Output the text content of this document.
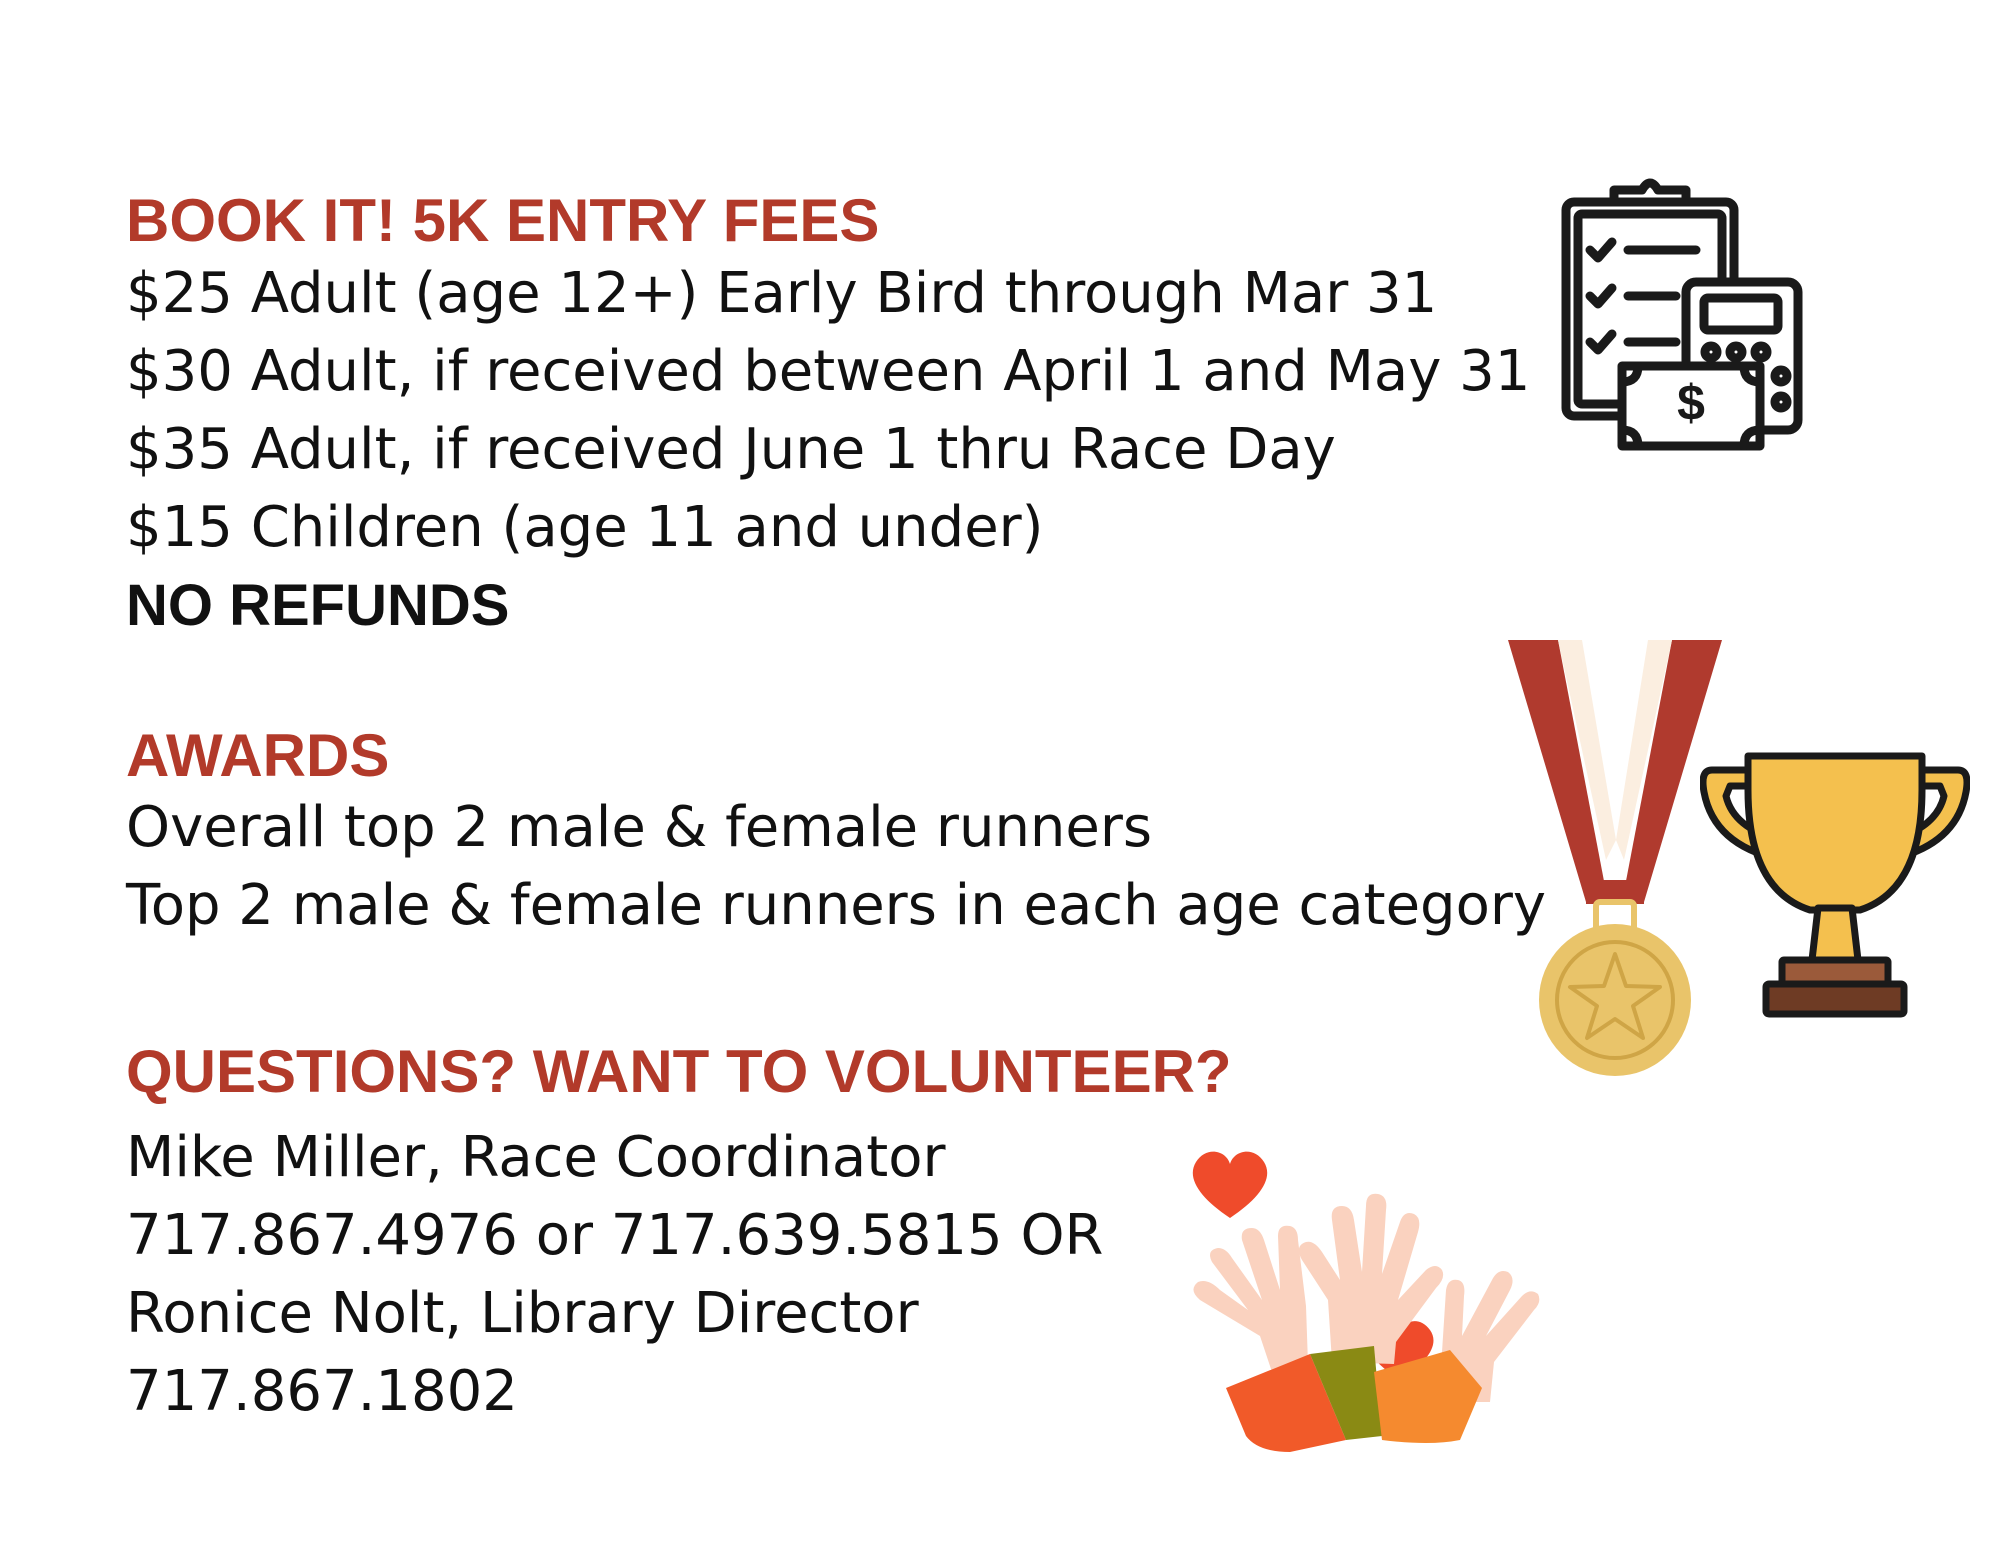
BOOK IT! 5K ENTRY FEES
$25 Adult (age 12+) Early Bird through Mar 31
$30 Adult, if received between April 1 and May 31
$35 Adult, if received June 1 thru Race Day
$15 Children (age 11 and under)
NO REFUNDS
AWARDS
Overall top 2 male & female runners
Top 2 male & female runners in each age category
QUESTIONS? WANT TO VOLUNTEER?
Mike Miller, Race Coordinator
717.867.4976 or 717.639.5815 OR
Ronice Nolt, Library Director
717.867.1802
$
